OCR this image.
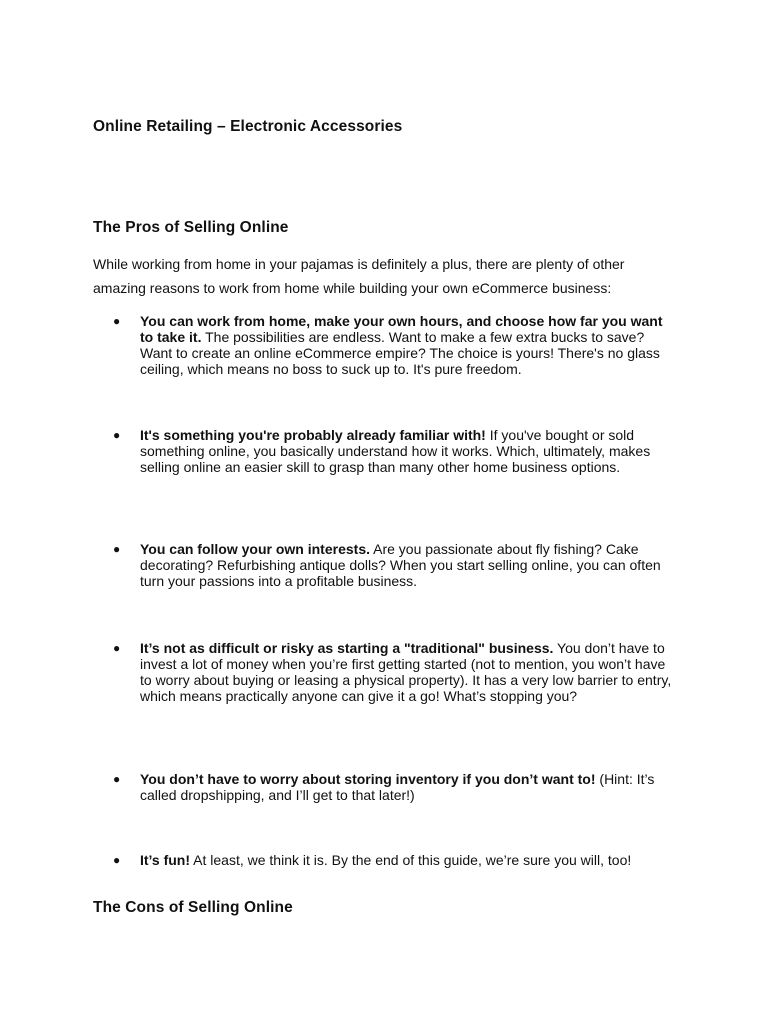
Online Retailing – Electronic Accessories
The Pros of Selling Online

While working from home in your pajamas is definitely a plus, there are plenty of other amazing reasons to work from home while building your own eCommerce business:

● You can work from home, make your own hours, and choose how far you want to take it. The possibilities are endless. Want to make a few extra bucks to save? Want to create an online eCommerce empire? The choice is yours! There's no glass ceiling, which means no boss to suck up to. It's pure freedom.
● It's something you're probably already familiar with! If you've bought or sold something online, you basically understand how it works. Which, ultimately, makes selling online an easier skill to grasp than many other home business options.
● You can follow your own interests. Are you passionate about fly fishing? Cake decorating? Refurbishing antique dolls? When you start selling online, you can often turn your passions into a profitable business.
● It’s not as difficult or risky as starting a "traditional" business. You don’t have to invest a lot of money when you’re first getting started (not to mention, you won’t have to worry about buying or leasing a physical property). It has a very low barrier to entry, which means practically anyone can give it a go! What’s stopping you?
● You don’t have to worry about storing inventory if you don’t want to! (Hint: It’s called dropshipping, and I’ll get to that later!)
● It’s fun! At least, we think it is. By the end of this guide, we’re sure you will, too!
The Cons of Selling Online
